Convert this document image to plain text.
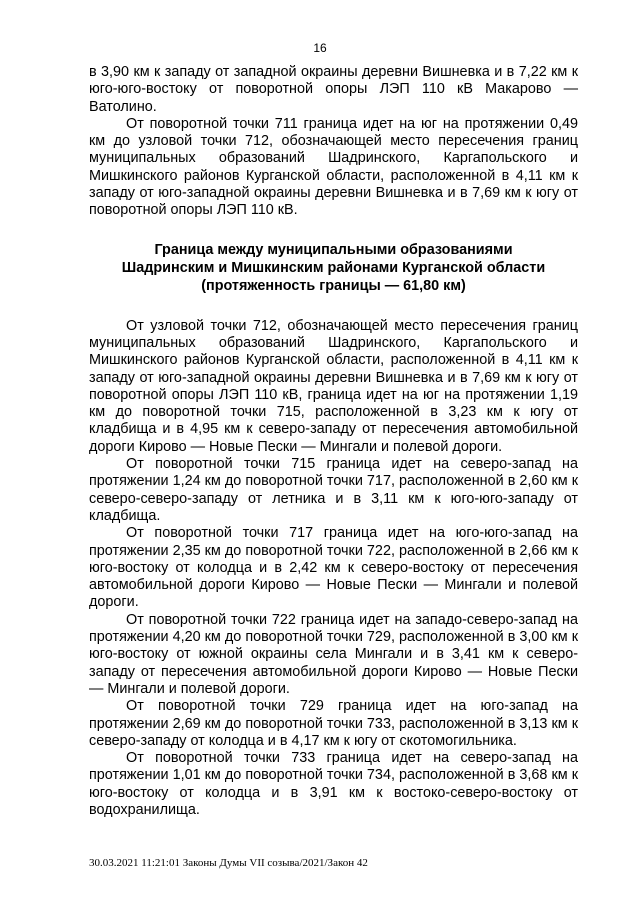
16

в 3,90 км к западу от западной окраины деревни Вишневка и в 7,22 км к юго-юго-востоку от поворотной опоры ЛЭП 110 кВ Макарово — Ватолино.

От поворотной точки 711 граница идет на юг на протяжении 0,49 км до узловой точки 712, обозначающей место пересечения границ муниципальных образований Шадринского, Каргапольского и Мишкинского районов Курганской области, расположенной в 4,11 км к западу от юго-западной окраины деревни Вишневка и в 7,69 км к югу от поворотной опоры ЛЭП 110 кВ.

Граница между муниципальными образованиями
Шадринским и Мишкинским районами Курганской области
(протяженность границы — 61,80 км)

От узловой точки 712, обозначающей место пересечения границ муниципальных образований Шадринского, Каргапольского и Мишкинского районов Курганской области, расположенной в 4,11 км к западу от юго-западной окраины деревни Вишневка и в 7,69 км к югу от поворотной опоры ЛЭП 110 кВ, граница идет на юг на протяжении 1,19 км до поворотной точки 715, расположенной в 3,23 км к югу от кладбища и в 4,95 км к северо-западу от пересечения автомобильной дороги Кирово — Новые Пески — Мингали и полевой дороги.

От поворотной точки 715 граница идет на северо-запад на протяжении 1,24 км до поворотной точки 717, расположенной в 2,60 км к северо-северо-западу от летника и в 3,11 км к юго-юго-западу от кладбища.

От поворотной точки 717 граница идет на юго-юго-запад на протяжении 2,35 км до поворотной точки 722, расположенной в 2,66 км к юго-востоку от колодца и в 2,42 км к северо-востоку от пересечения автомобильной дороги Кирово — Новые Пески — Мингали и полевой дороги.

От поворотной точки 722 граница идет на западо-северо-запад на протяжении 4,20 км до поворотной точки 729, расположенной в 3,00 км к юго-востоку от южной окраины села Мингали и в 3,41 км к северо-западу от пересечения автомобильной дороги Кирово — Новые Пески — Мингали и полевой дороги.

От поворотной точки 729 граница идет на юго-запад на протяжении 2,69 км до поворотной точки 733, расположенной в 3,13 км к северо-западу от колодца и в 4,17 км к югу от скотомогильника.

От поворотной точки 733 граница идет на северо-запад на протяжении 1,01 км до поворотной точки 734, расположенной в 3,68 км к юго-востоку от колодца и в 3,91 км к востоко-северо-востоку от водохранилища.

30.03.2021 11:21:01 Законы Думы VII созыва/2021/Закон 42
